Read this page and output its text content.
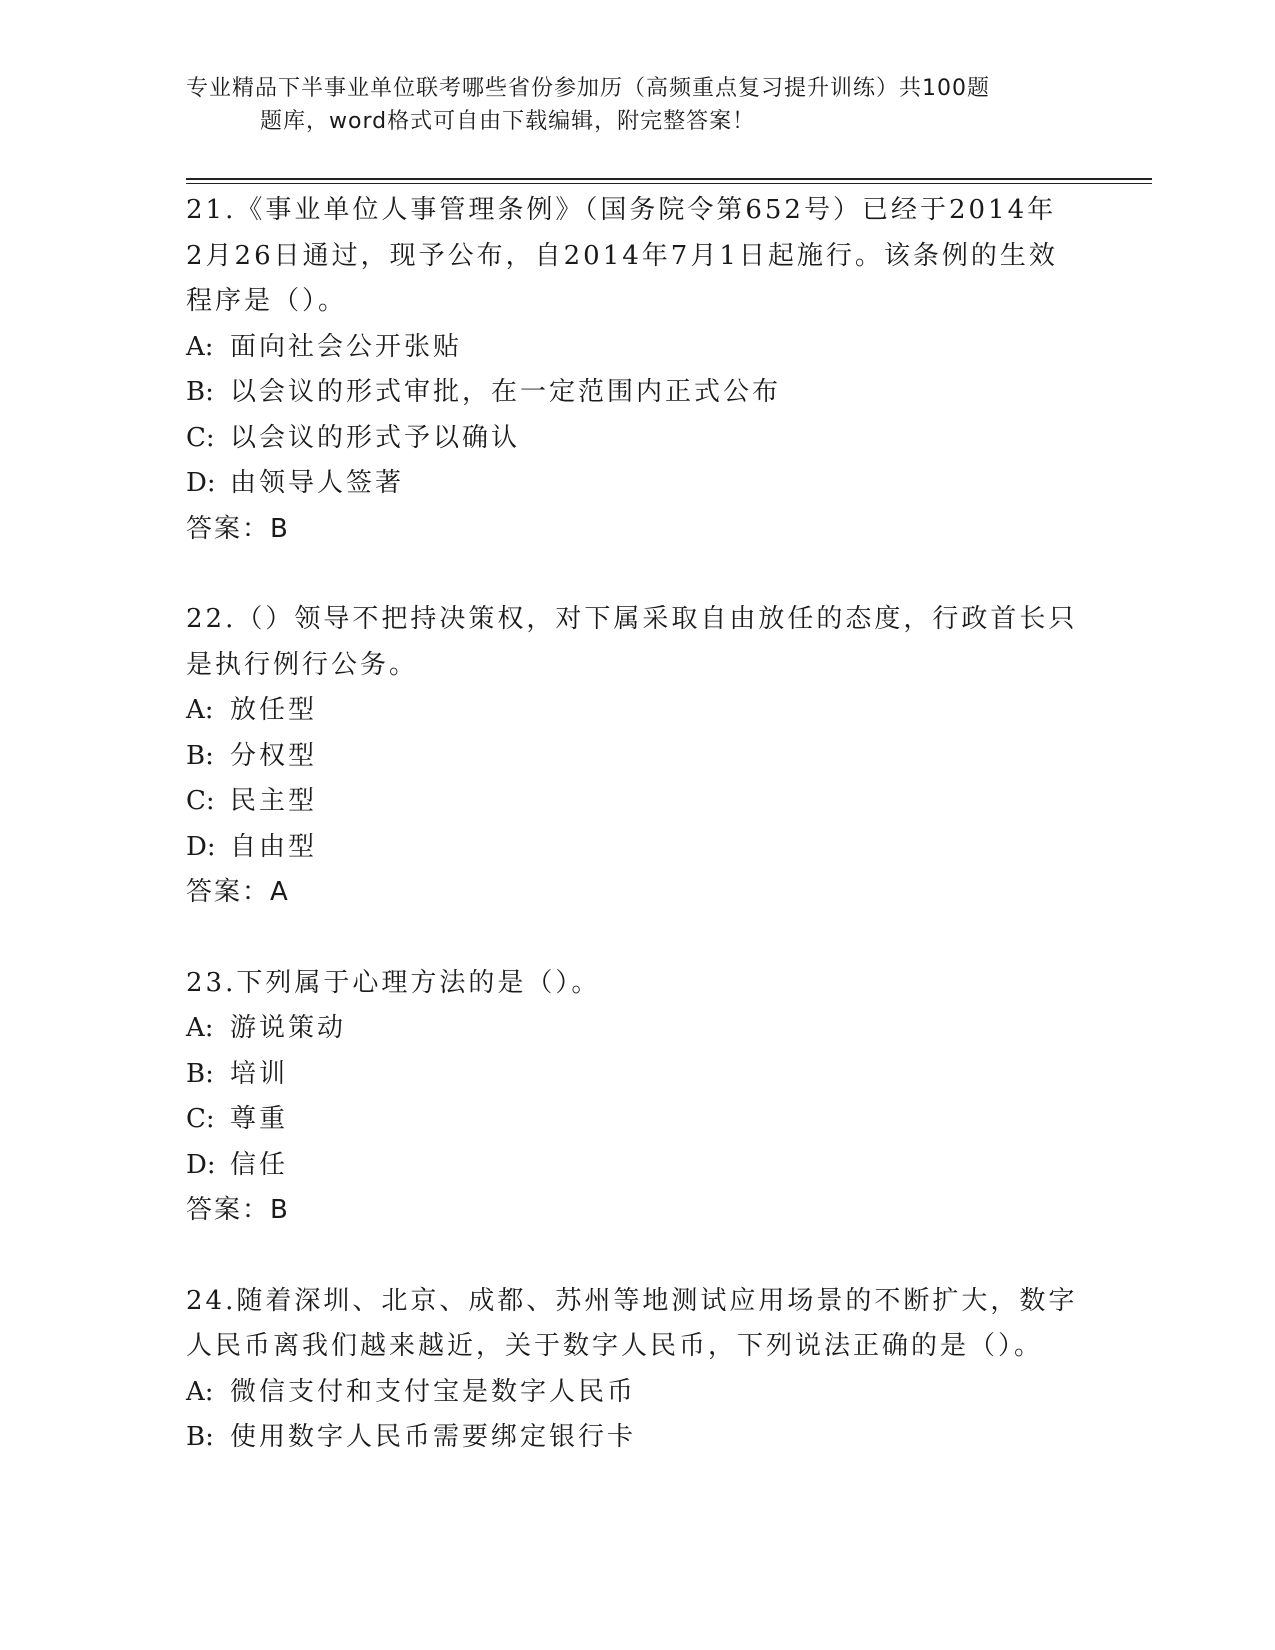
专业精品下半事业单位联考哪些省份参加历（高频重点复习提升训练）共100题
题库，word格式可自由下载编辑，附完整答案！

21.《事业单位人事管理条例》（国务院令第652号）已经于2014年

2月26日通过，现予公布，自2014年7月1日起施行。该条例的生效

程序是（）。

A: 面向社会公开张贴

B: 以会议的形式审批，在一定范围内正式公布

C: 以会议的形式予以确认

D: 由领导人签著

答案：B

22.（）领导不把持决策权，对下属采取自由放任的态度，行政首长只

是执行例行公务。

A: 放任型

B: 分权型

C: 民主型

D: 自由型

答案：A

23.下列属于心理方法的是（）。

A: 游说策动

B: 培训

C: 尊重

D: 信任

答案：B

24.随着深圳、北京、成都、苏州等地测试应用场景的不断扩大，数字

人民币离我们越来越近，关于数字人民币，下列说法正确的是（）。

A: 微信支付和支付宝是数字人民币

B: 使用数字人民币需要绑定银行卡
